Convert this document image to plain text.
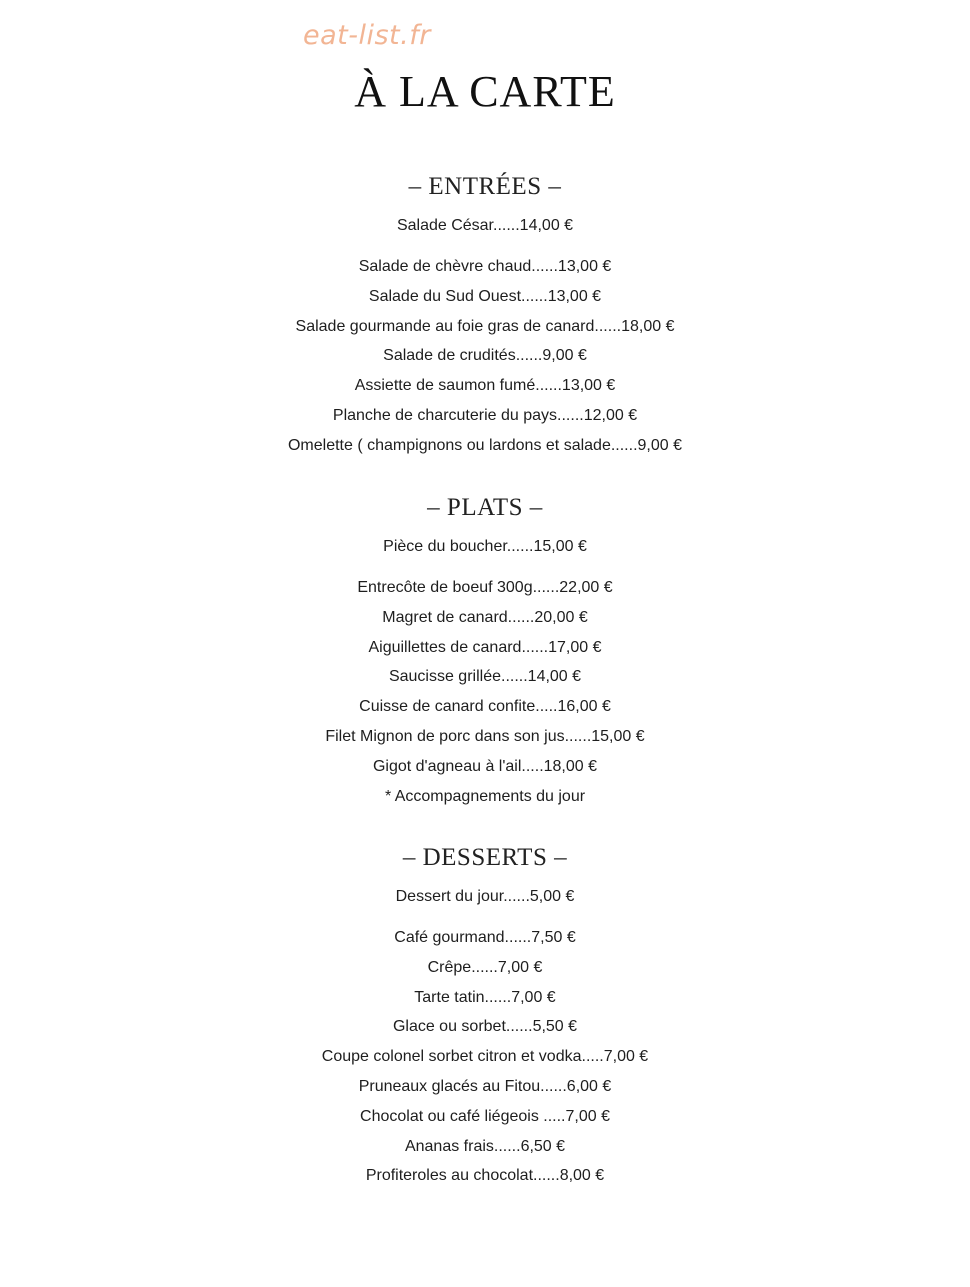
eat-list.fr
À LA CARTE
– ENTRÉES –
Salade César......14,00 €
Salade de chèvre chaud......13,00 €
Salade du Sud Ouest......13,00 €
Salade gourmande au foie gras de canard......18,00 €
Salade de crudités......9,00 €
Assiette de saumon fumé......13,00 €
Planche de charcuterie du pays......12,00 €
Omelette ( champignons ou lardons et salade......9,00 €
– PLATS –
Pièce du boucher......15,00 €
Entrecôte de boeuf 300g......22,00 €
Magret de canard......20,00 €
Aiguillettes de canard......17,00 €
Saucisse grillée......14,00 €
Cuisse de canard confite.....16,00 €
Filet Mignon de porc dans son jus......15,00 €
Gigot d'agneau à l'ail.....18,00 €
* Accompagnements du jour
– DESSERTS –
Dessert du jour......5,00 €
Café gourmand......7,50 €
Crêpe......7,00 €
Tarte tatin......7,00 €
Glace ou sorbet......5,50 €
Coupe colonel sorbet citron et vodka.....7,00 €
Pruneaux glacés au Fitou......6,00 €
Chocolat ou café liégeois .....7,00 €
Ananas frais......6,50 €
Profiteroles au chocolat......8,00 €
